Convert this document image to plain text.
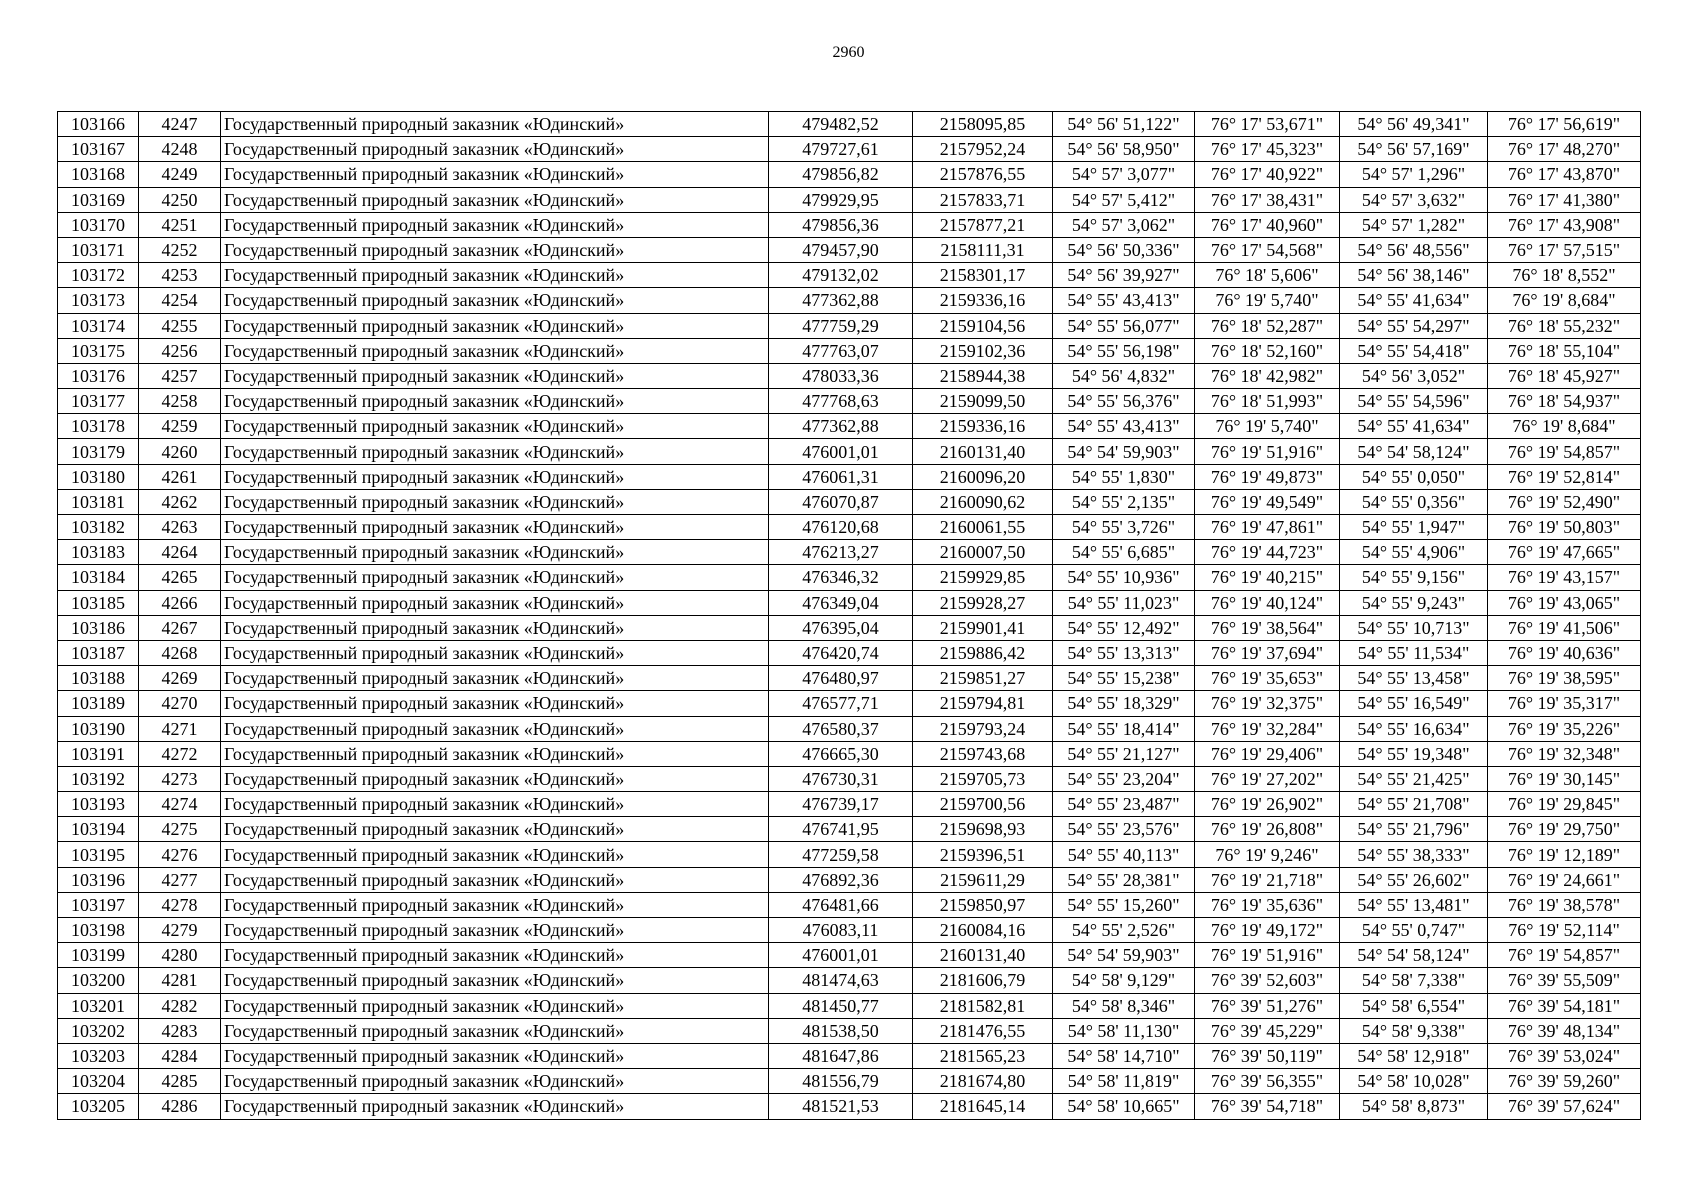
2960
103166	4247	Государственный природный заказник «Юдинский»	479482,52	2158095,85	54° 56' 51,122"	76° 17' 53,671"	54° 56' 49,341"	76° 17' 56,619"
103167	4248	Государственный природный заказник «Юдинский»	479727,61	2157952,24	54° 56' 58,950"	76° 17' 45,323"	54° 56' 57,169"	76° 17' 48,270"
103168	4249	Государственный природный заказник «Юдинский»	479856,82	2157876,55	54° 57' 3,077"	76° 17' 40,922"	54° 57' 1,296"	76° 17' 43,870"
103169	4250	Государственный природный заказник «Юдинский»	479929,95	2157833,71	54° 57' 5,412"	76° 17' 38,431"	54° 57' 3,632"	76° 17' 41,380"
103170	4251	Государственный природный заказник «Юдинский»	479856,36	2157877,21	54° 57' 3,062"	76° 17' 40,960"	54° 57' 1,282"	76° 17' 43,908"
103171	4252	Государственный природный заказник «Юдинский»	479457,90	2158111,31	54° 56' 50,336"	76° 17' 54,568"	54° 56' 48,556"	76° 17' 57,515"
103172	4253	Государственный природный заказник «Юдинский»	479132,02	2158301,17	54° 56' 39,927"	76° 18' 5,606"	54° 56' 38,146"	76° 18' 8,552"
103173	4254	Государственный природный заказник «Юдинский»	477362,88	2159336,16	54° 55' 43,413"	76° 19' 5,740"	54° 55' 41,634"	76° 19' 8,684"
103174	4255	Государственный природный заказник «Юдинский»	477759,29	2159104,56	54° 55' 56,077"	76° 18' 52,287"	54° 55' 54,297"	76° 18' 55,232"
103175	4256	Государственный природный заказник «Юдинский»	477763,07	2159102,36	54° 55' 56,198"	76° 18' 52,160"	54° 55' 54,418"	76° 18' 55,104"
103176	4257	Государственный природный заказник «Юдинский»	478033,36	2158944,38	54° 56' 4,832"	76° 18' 42,982"	54° 56' 3,052"	76° 18' 45,927"
103177	4258	Государственный природный заказник «Юдинский»	477768,63	2159099,50	54° 55' 56,376"	76° 18' 51,993"	54° 55' 54,596"	76° 18' 54,937"
103178	4259	Государственный природный заказник «Юдинский»	477362,88	2159336,16	54° 55' 43,413"	76° 19' 5,740"	54° 55' 41,634"	76° 19' 8,684"
103179	4260	Государственный природный заказник «Юдинский»	476001,01	2160131,40	54° 54' 59,903"	76° 19' 51,916"	54° 54' 58,124"	76° 19' 54,857"
103180	4261	Государственный природный заказник «Юдинский»	476061,31	2160096,20	54° 55' 1,830"	76° 19' 49,873"	54° 55' 0,050"	76° 19' 52,814"
103181	4262	Государственный природный заказник «Юдинский»	476070,87	2160090,62	54° 55' 2,135"	76° 19' 49,549"	54° 55' 0,356"	76° 19' 52,490"
103182	4263	Государственный природный заказник «Юдинский»	476120,68	2160061,55	54° 55' 3,726"	76° 19' 47,861"	54° 55' 1,947"	76° 19' 50,803"
103183	4264	Государственный природный заказник «Юдинский»	476213,27	2160007,50	54° 55' 6,685"	76° 19' 44,723"	54° 55' 4,906"	76° 19' 47,665"
103184	4265	Государственный природный заказник «Юдинский»	476346,32	2159929,85	54° 55' 10,936"	76° 19' 40,215"	54° 55' 9,156"	76° 19' 43,157"
103185	4266	Государственный природный заказник «Юдинский»	476349,04	2159928,27	54° 55' 11,023"	76° 19' 40,124"	54° 55' 9,243"	76° 19' 43,065"
103186	4267	Государственный природный заказник «Юдинский»	476395,04	2159901,41	54° 55' 12,492"	76° 19' 38,564"	54° 55' 10,713"	76° 19' 41,506"
103187	4268	Государственный природный заказник «Юдинский»	476420,74	2159886,42	54° 55' 13,313"	76° 19' 37,694"	54° 55' 11,534"	76° 19' 40,636"
103188	4269	Государственный природный заказник «Юдинский»	476480,97	2159851,27	54° 55' 15,238"	76° 19' 35,653"	54° 55' 13,458"	76° 19' 38,595"
103189	4270	Государственный природный заказник «Юдинский»	476577,71	2159794,81	54° 55' 18,329"	76° 19' 32,375"	54° 55' 16,549"	76° 19' 35,317"
103190	4271	Государственный природный заказник «Юдинский»	476580,37	2159793,24	54° 55' 18,414"	76° 19' 32,284"	54° 55' 16,634"	76° 19' 35,226"
103191	4272	Государственный природный заказник «Юдинский»	476665,30	2159743,68	54° 55' 21,127"	76° 19' 29,406"	54° 55' 19,348"	76° 19' 32,348"
103192	4273	Государственный природный заказник «Юдинский»	476730,31	2159705,73	54° 55' 23,204"	76° 19' 27,202"	54° 55' 21,425"	76° 19' 30,145"
103193	4274	Государственный природный заказник «Юдинский»	476739,17	2159700,56	54° 55' 23,487"	76° 19' 26,902"	54° 55' 21,708"	76° 19' 29,845"
103194	4275	Государственный природный заказник «Юдинский»	476741,95	2159698,93	54° 55' 23,576"	76° 19' 26,808"	54° 55' 21,796"	76° 19' 29,750"
103195	4276	Государственный природный заказник «Юдинский»	477259,58	2159396,51	54° 55' 40,113"	76° 19' 9,246"	54° 55' 38,333"	76° 19' 12,189"
103196	4277	Государственный природный заказник «Юдинский»	476892,36	2159611,29	54° 55' 28,381"	76° 19' 21,718"	54° 55' 26,602"	76° 19' 24,661"
103197	4278	Государственный природный заказник «Юдинский»	476481,66	2159850,97	54° 55' 15,260"	76° 19' 35,636"	54° 55' 13,481"	76° 19' 38,578"
103198	4279	Государственный природный заказник «Юдинский»	476083,11	2160084,16	54° 55' 2,526"	76° 19' 49,172"	54° 55' 0,747"	76° 19' 52,114"
103199	4280	Государственный природный заказник «Юдинский»	476001,01	2160131,40	54° 54' 59,903"	76° 19' 51,916"	54° 54' 58,124"	76° 19' 54,857"
103200	4281	Государственный природный заказник «Юдинский»	481474,63	2181606,79	54° 58' 9,129"	76° 39' 52,603"	54° 58' 7,338"	76° 39' 55,509"
103201	4282	Государственный природный заказник «Юдинский»	481450,77	2181582,81	54° 58' 8,346"	76° 39' 51,276"	54° 58' 6,554"	76° 39' 54,181"
103202	4283	Государственный природный заказник «Юдинский»	481538,50	2181476,55	54° 58' 11,130"	76° 39' 45,229"	54° 58' 9,338"	76° 39' 48,134"
103203	4284	Государственный природный заказник «Юдинский»	481647,86	2181565,23	54° 58' 14,710"	76° 39' 50,119"	54° 58' 12,918"	76° 39' 53,024"
103204	4285	Государственный природный заказник «Юдинский»	481556,79	2181674,80	54° 58' 11,819"	76° 39' 56,355"	54° 58' 10,028"	76° 39' 59,260"
103205	4286	Государственный природный заказник «Юдинский»	481521,53	2181645,14	54° 58' 10,665"	76° 39' 54,718"	54° 58' 8,873"	76° 39' 57,624"
